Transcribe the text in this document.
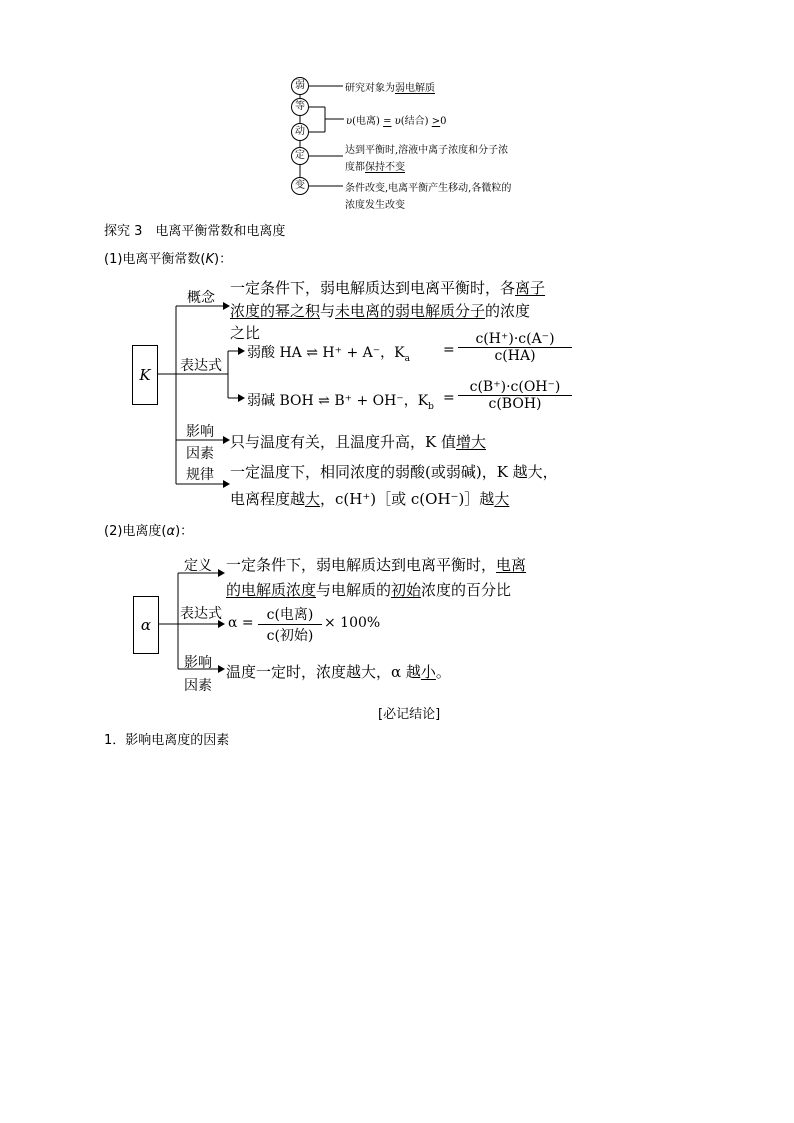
弱
等
动
定
变
研究对象为弱电解质
υ(电离) = υ(结合) >0
达到平衡时,溶液中离子浓度和分子浓
度都保持不变
条件改变,电离平衡产生移动,各微粒的
浓度发生改变
探究 3　电离平衡常数和电离度
(1)电离平衡常数(K)：
K
概念
一定条件下，弱电解质达到电离平衡时，各离子
浓度的幂之积与未电离的弱电解质分子的浓度
之比
表达式
弱酸 HA ⇌ H⁺ + A⁻，$K_a$
= $\frac{c(H^+)\cdot c(A^-)}{c(HA)}$
弱碱 BOH ⇌ B⁺ + OH⁻，$K_b$
=
c(B⁺)·c(OH⁻)
c(BOH)
影响
因素
只与温度有关，且温度升高，K 值增大
规律 一定温度下，相同浓度的弱酸(或弱碱)，K 越大，
电离程度越大，c(H⁺)［或 c(OH⁻)］越大
(2)电离度(α)：
α
定义 一定条件下，弱电解质达到电离平衡时，电离
的电解质浓度与电解质的初始浓度的百分比
表达式
α = c(电离)
c(初始)
× 100%
影响
因素
温度一定时，浓度越大，α 越小。
[必记结论]
1．影响电离度的因素
